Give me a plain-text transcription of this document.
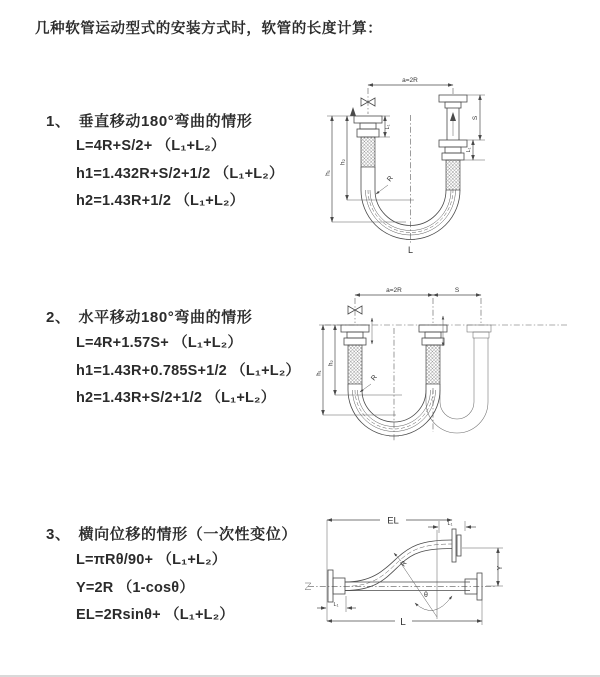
几种软管运动型式的安装方式时，软管的长度计算：
1、 垂直移动180°弯曲的情形
L=4R+S/2+ （L₁+L₂）
h1=1.432R+S/2+1/2 （L₁+L₂）
h2=1.43R+1/2 （L₁+L₂）
2、 水平移动180°弯曲的情形
L=4R+1.57S+ （L₁+L₂）
h1=1.43R+0.785S+1/2 （L₁+L₂）
h2=1.43R+S/2+1/2 （L₁+L₂）
3、 横向位移的情形（一次性变位）
L=πRθ/90+ （L₁+L₂）
Y=2R （1-cosθ）
EL=2Rsinθ+ （L₁+L₂）
a=2R
R
h₁
h₂
L₁
S
L₁
L
a=2R	S
R
h₁
h₂
EL	L₁
Y
R
θ
L₁
L
